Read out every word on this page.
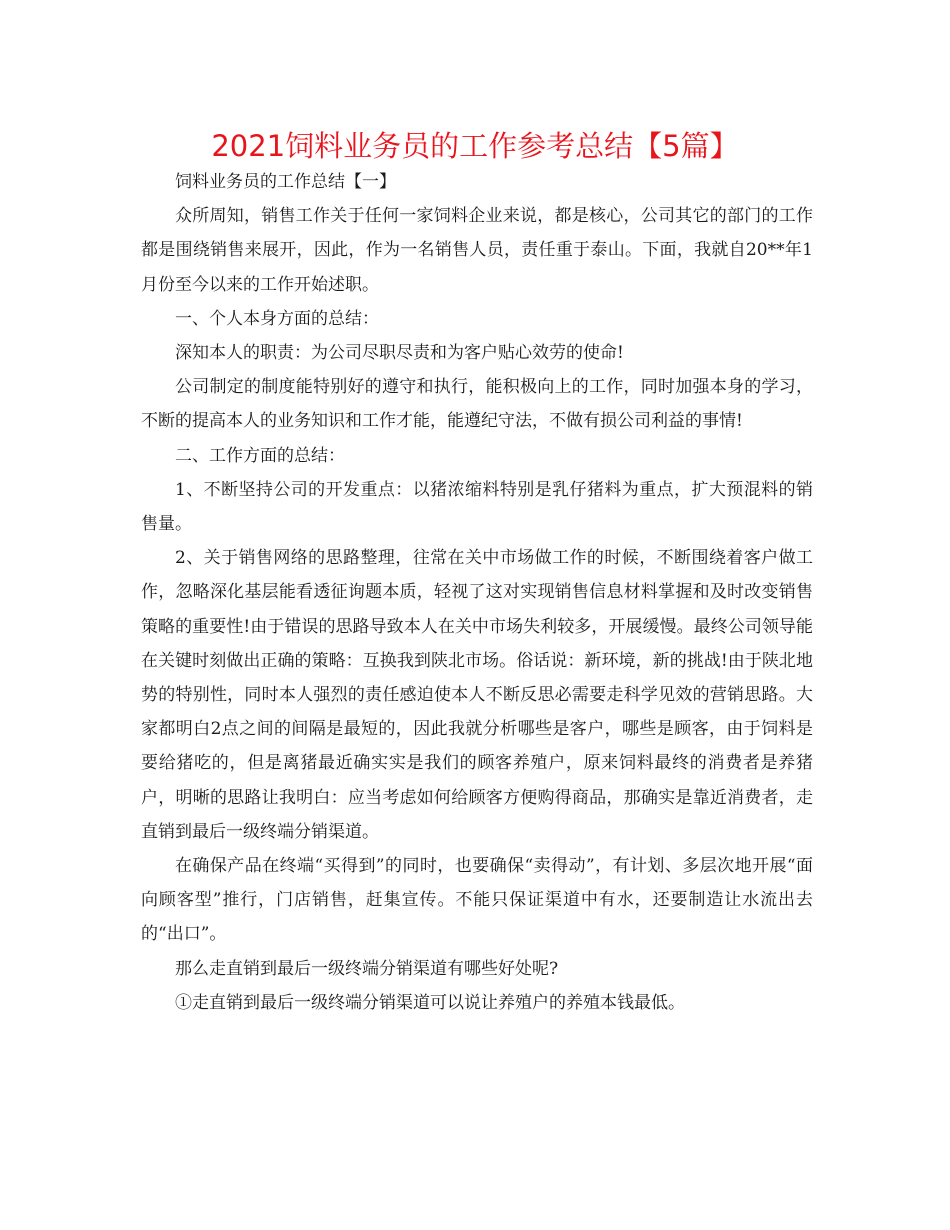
2021饲料业务员的工作参考总结【5篇】

饲料业务员的工作总结【一】

众所周知，销售工作关于任何一家饲料企业来说，都是核心，公司其它的部门的工作都是围绕销售来展开，因此，作为一名销售人员，责任重于泰山。下面，我就自20**年1月份至今以来的工作开始述职。

一、个人本身方面的总结：

深知本人的职责：为公司尽职尽责和为客户贴心效劳的使命!

公司制定的制度能特别好的遵守和执行，能积极向上的工作，同时加强本身的学习，不断的提高本人的业务知识和工作才能，能遵纪守法，不做有损公司利益的事情!

二、工作方面的总结：

1、不断坚持公司的开发重点：以猪浓缩料特别是乳仔猪料为重点，扩大预混料的销售量。

2、关于销售网络的思路整理，往常在关中市场做工作的时候，不断围绕着客户做工作，忽略深化基层能看透征询题本质，轻视了这对实现销售信息材料掌握和及时改变销售策略的重要性!由于错误的思路导致本人在关中市场失利较多，开展缓慢。最终公司领导能在关键时刻做出正确的策略：互换我到陕北市场。俗话说：新环境，新的挑战!由于陕北地势的特别性，同时本人强烈的责任感迫使本人不断反思必需要走科学见效的营销思路。大家都明白2点之间的间隔是最短的，因此我就分析哪些是客户，哪些是顾客，由于饲料是要给猪吃的，但是离猪最近确实实是我们的顾客养殖户，原来饲料最终的消费者是养猪户，明晰的思路让我明白：应当考虑如何给顾客方便购得商品，那确实是靠近消费者，走直销到最后一级终端分销渠道。

在确保产品在终端“买得到”的同时，也要确保“卖得动”，有计划、多层次地开展“面向顾客型”推行，门店销售，赶集宣传。不能只保证渠道中有水，还要制造让水流出去的“出口”。

那么走直销到最后一级终端分销渠道有哪些好处呢?

①走直销到最后一级终端分销渠道可以说让养殖户的养殖本钱最低。
